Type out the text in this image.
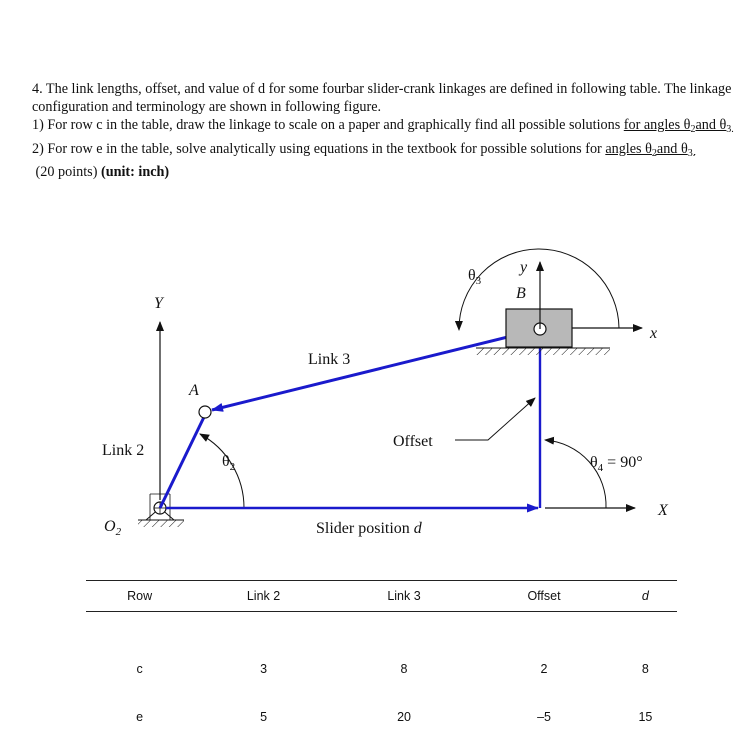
4. The link lengths, offset, and value of d for some fourbar slider-crank linkages are defined in following table. The linkage configuration and terminology are shown in following figure.

1) For row c in the table, draw the linkage to scale on a paper and graphically find all possible solutions for angles $\theta_2and$ $\theta_{3.}$

2) For row e in the table, solve analytically using equations in the textbook for possible solutions for angles $\theta_2and$ $\theta_{3.}$

(20 points) (unit: inch)

Y
X
$O_2$
A
Link 2
$\theta_2$
Link 3
Slider position d
Offset
B
y
x
$\theta_3$
$\theta_4 = 90^\circ$
Row	Link 2	Link 3	Offset	d
c	3	8	2	8
e	5	20	–5	15
